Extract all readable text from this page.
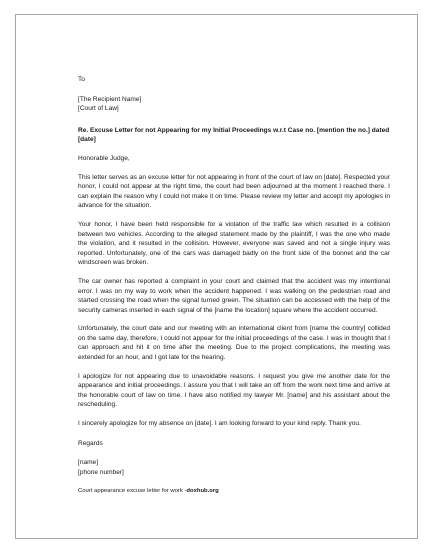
To

[The Recipient Name]

[Court of Law]

Re. Excuse Letter for not Appearing for my Initial Proceedings w.r.t Case no. [mention the no.] dated [date]

Honorable Judge,

This letter serves as an excuse letter for not appearing in front of the court of law on [date]. Respected your honor, I could not appear at the right time, the court had been adjourned at the moment I reached there. I can explain the reason why I could not make it on time. Please review my letter and accept my apologies in advance for the situation.

Your honor, I have been held responsible for a violation of the traffic law which resulted in a collision between two vehicles. According to the alleged statement made by the plaintiff, I was the one who made the violation, and it resulted in the collision. However, everyone was saved and not a single injury was reported. Unfortunately, one of the cars was damaged badly on the front side of the bonnet and the car windscreen was broken.

The car owner has reported a complaint in your court and claimed that the accident was my intentional error. I was on my way to work when the accident happened. I was walking on the pedestrian road and started crossing the road when the signal turned green. The situation can be accessed with the help of the security cameras inserted in each signal of the [name the location] square where the accident occurred.

Unfortunately, the court date and our meeting with an international client from [name the country] collided on the same day, therefore, I could not appear for the initial proceedings of the case. I was in thought that I can approach and hit it on time after the meeting. Due to the project complications, the meeting was extended for an hour, and I got late for the hearing.

I apologize for not appearing due to unavoidable reasons. I request you give me another date for the appearance and initial proceedings. I assure you that I will take an off from the work next time and arrive at the honorable court of law on time. I have also notified my lawyer Mr. [name] and his assistant about the rescheduling.

I sincerely apologize for my absence on [date]. I am looking forward to your kind reply. Thank you.

Regards

[name]

[phone number]

Court appearance excuse letter for work -doxhub.org
